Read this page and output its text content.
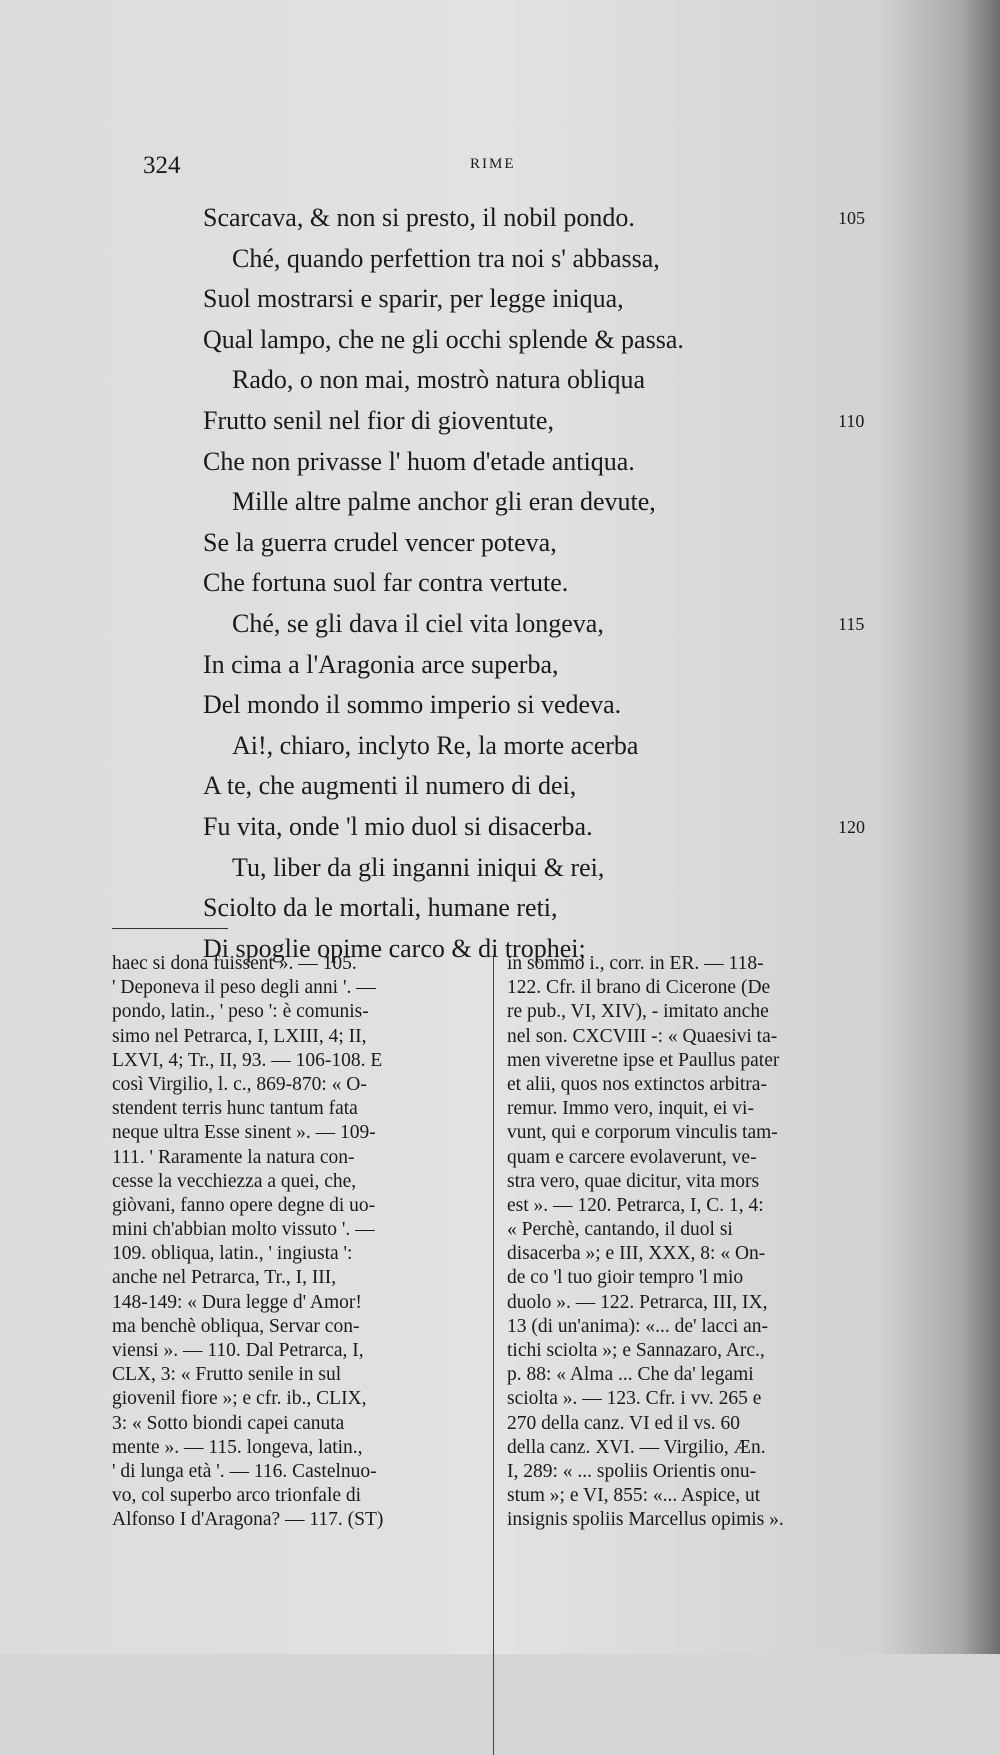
324	RIME
Scarcava, & non si presto, il nobil pondo.	105
Ché, quando perfettion tra noi s' abbassa,
Suol mostrarsi e sparir, per legge iniqua,
Qual lampo, che ne gli occhi splende & passa.
Rado, o non mai, mostrò natura obliqua
Frutto senil nel fior di gioventute,	110
Che non privasse l' huom d'etade antiqua.
Mille altre palme anchor gli eran devute,
Se la guerra crudel vencer poteva,
Che fortuna suol far contra vertute.
Ché, se gli dava il ciel vita longeva,	115
In cima a l'Aragonia arce superba,
Del mondo il sommo imperio si vedeva.
Ai!, chiaro, inclyto Re, la morte acerba
A te, che augmenti il numero di dei,
Fu vita, onde 'l mio duol si disacerba.	120
Tu, liber da gli inganni iniqui & rei,
Sciolto da le mortali, humane reti,
Di spoglie opime carco & di trophei;
haec si dona fuissent ». — 105.
' Deponeva il peso degli anni '. —
pondo, latin., ' peso ': è comunis-
simo nel Petrarca, I, LXIII, 4; II,
LXVI, 4; Tr., II, 93. — 106-108. E
così Virgilio, l. c., 869-870: « O-
stendent terris hunc tantum fata
neque ultra Esse sinent ». — 109-
111. ' Raramente la natura con-
cesse la vecchiezza a quei, che,
giòvani, fanno opere degne di uo-
mini ch'abbian molto vissuto '. —
109. obliqua, latin., ' ingiusta ':
anche nel Petrarca, Tr., I, III,
148-149: « Dura legge d' Amor!
ma benchè obliqua, Servar con-
viensi ». — 110. Dal Petrarca, I,
CLX, 3: « Frutto senile in sul
giovenil fiore »; e cfr. ib., CLIX,
3: « Sotto biondi capei canuta
mente ». — 115. longeva, latin.,
' di lunga età '. — 116. Castelnuo-
vo, col superbo arco trionfale di
Alfonso I d'Aragona? — 117. (ST)
in sommo i., corr. in ER. — 118-
122. Cfr. il brano di Cicerone (De
re pub., VI, XIV), - imitato anche
nel son. CXCVIII -: « Quaesivi ta-
men viveretne ipse et Paullus pater
et alii, quos nos extinctos arbitra-
remur. Immo vero, inquit, ei vi-
vunt, qui e corporum vinculis tam-
quam e carcere evolaverunt, ve-
stra vero, quae dicitur, vita mors
est ». — 120. Petrarca, I, C. 1, 4:
« Perchè, cantando, il duol si
disacerba »; e III, XXX, 8: « On-
de co 'l tuo gioir tempro 'l mio
duolo ». — 122. Petrarca, III, IX,
13 (di un'anima): «... de' lacci an-
tichi sciolta »; e Sannazaro, Arc.,
p. 88: « Alma ... Che da' legami
sciolta ». — 123. Cfr. i vv. 265 e
270 della canz. VI ed il vs. 60
della canz. XVI. — Virgilio, Æn.
I, 289: « ... spoliis Orientis onu-
stum »; e VI, 855: «... Aspice, ut
insignis spoliis Marcellus opimis ».
